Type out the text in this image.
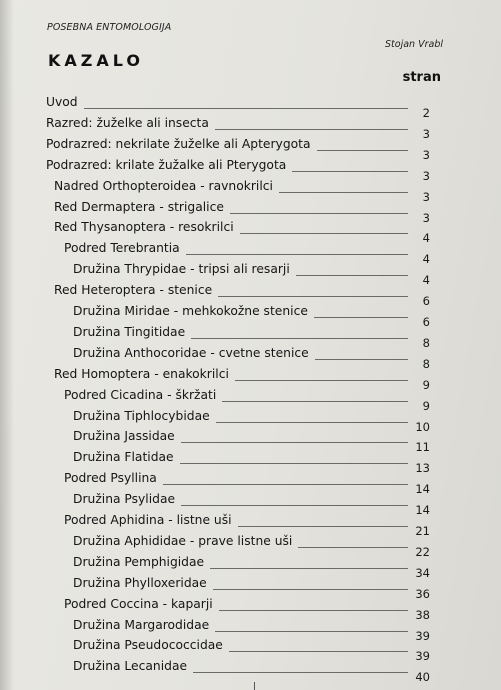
POSEBNA ENTOMOLOGIJA
Stojan Vrabl
KAZALO
stran
Uvod
2
Razred: žuželke ali insecta
3
Podrazred: nekrilate žuželke ali Apterygota
3
Podrazred: krilate žužalke ali Pterygota
3
Nadred Orthopteroidea - ravnokrilci
3
Red Dermaptera - strigalice
3
Red Thysanoptera - resokrilci
4
Podred Terebrantia
4
Družina Thrypidae - tripsi ali resarji
4
Red Heteroptera - stenice
6
Družina Miridae - mehkokožne stenice
6
Družina Tingitidae
8
Družina Anthocoridae - cvetne stenice
8
Red Homoptera - enakokrilci
9
Podred Cicadina - škržati
9
Družina Tiphlocybidae
10
Družina Jassidae
11
Družina Flatidae
13
Podred Psyllina
14
Družina Psylidae
14
Podred Aphidina - listne uši
21
Družina Aphididae - prave listne uši
22
Družina Pemphigidae
34
Družina Phylloxeridae
36
Podred Coccina - kaparji
38
Družina Margarodidae
39
Družina Pseudococcidae
39
Družina Lecanidae
40
